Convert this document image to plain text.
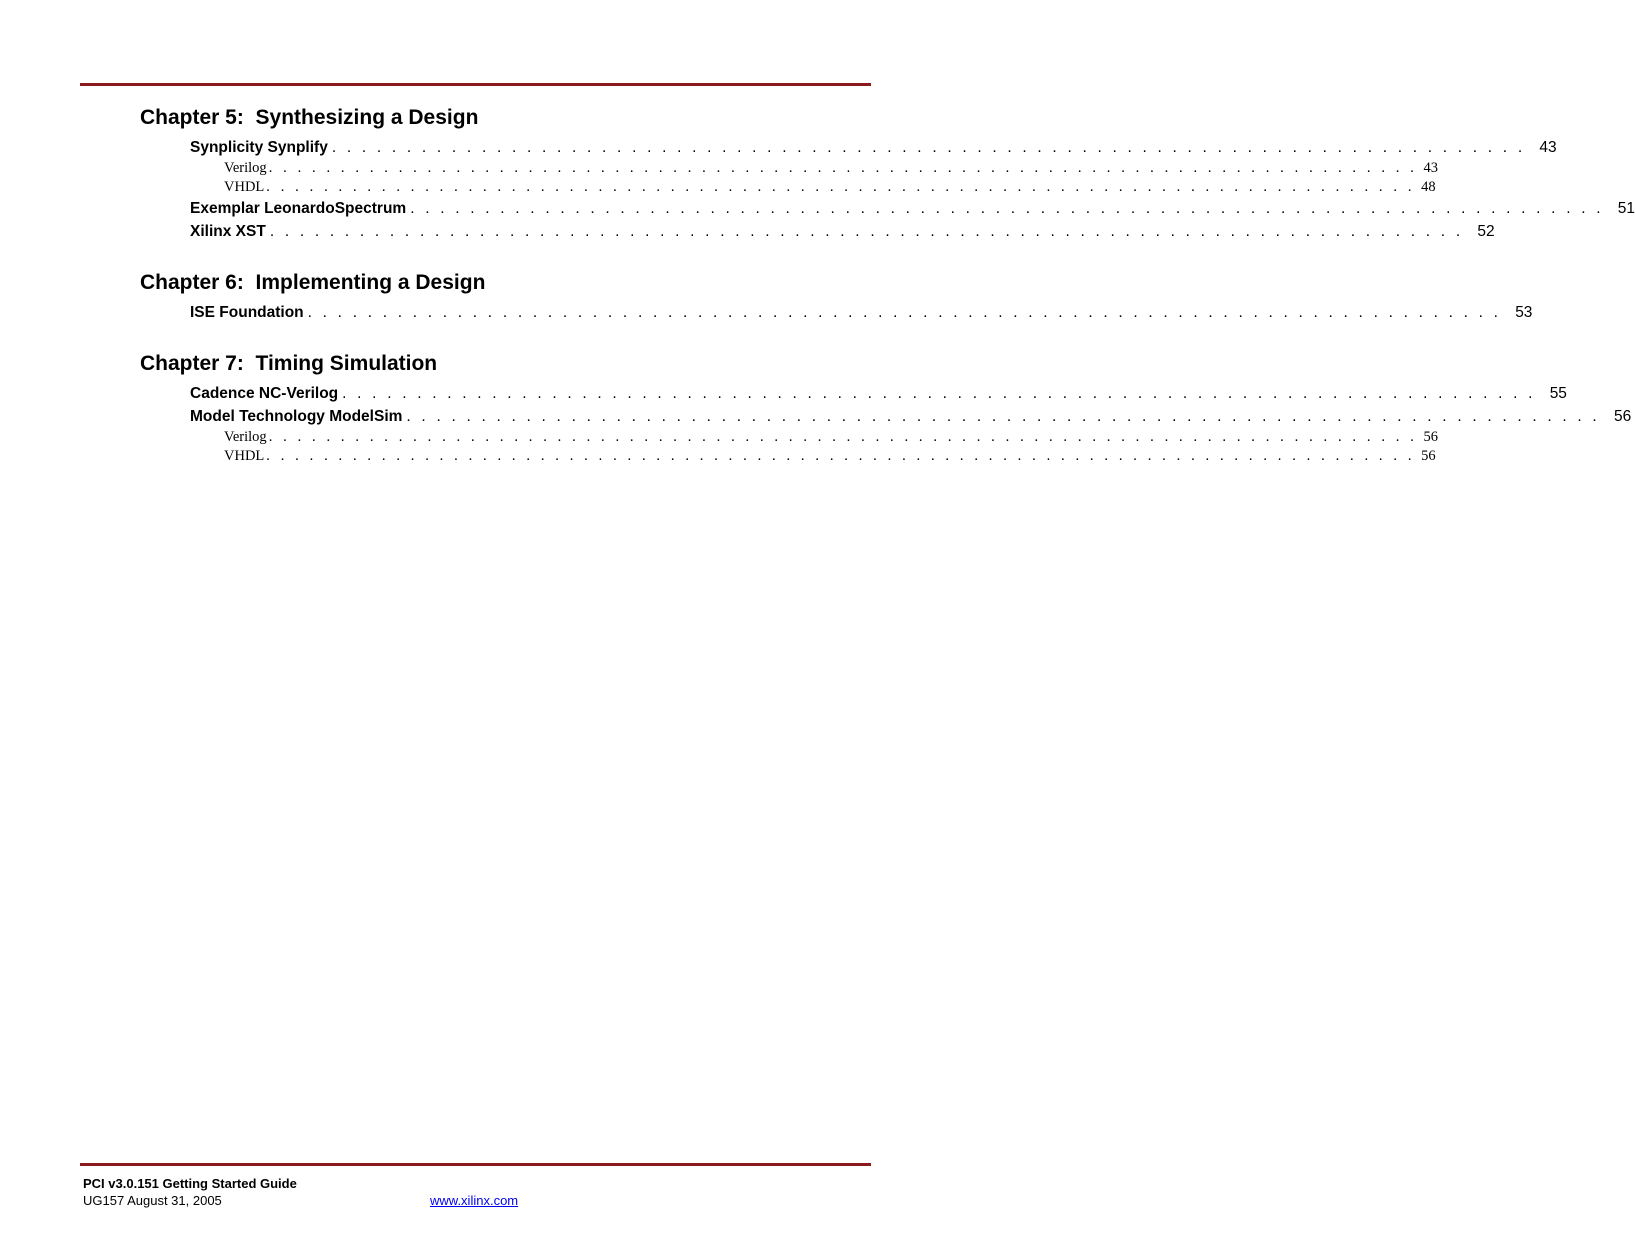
Chapter 5:  Synthesizing a Design
Synplicity Synplify . . . . . . . . . . . . . . . . . . . . . . . . . . . . . . . . . . . . . . . . . . . . . . . . . . . . . . . . . . . . . . . . . . . . . . . . . . . . . . . . 43
Verilog . . . . . . . . . . . . . . . . . . . . . . . . . . . . . . . . . . . . . . . . . . . . . . . . . . . . . . . . . . . . . . . . . . . . . . . . . . . . . . . . 43
VHDL . . . . . . . . . . . . . . . . . . . . . . . . . . . . . . . . . . . . . . . . . . . . . . . . . . . . . . . . . . . . . . . . . . . . . . . . . . . . . . . . 48
Exemplar LeonardoSpectrum . . . . . . . . . . . . . . . . . . . . . . . . . . . . . . . . . . . . . . . . . . . . . . . . . . . . . . . . . . . . . . . . . . . . . . . . . . . . . . . . 51
Xilinx XST . . . . . . . . . . . . . . . . . . . . . . . . . . . . . . . . . . . . . . . . . . . . . . . . . . . . . . . . . . . . . . . . . . . . . . . . . . . . . . . . 52
Chapter 6:  Implementing a Design
ISE Foundation . . . . . . . . . . . . . . . . . . . . . . . . . . . . . . . . . . . . . . . . . . . . . . . . . . . . . . . . . . . . . . . . . . . . . . . . . . . . . . . . 53
Chapter 7:  Timing Simulation
Cadence NC-Verilog . . . . . . . . . . . . . . . . . . . . . . . . . . . . . . . . . . . . . . . . . . . . . . . . . . . . . . . . . . . . . . . . . . . . . . . . . . . . . . . . 55
Model Technology ModelSim . . . . . . . . . . . . . . . . . . . . . . . . . . . . . . . . . . . . . . . . . . . . . . . . . . . . . . . . . . . . . . . . . . . . . . . . . . . . . . . . 56
Verilog . . . . . . . . . . . . . . . . . . . . . . . . . . . . . . . . . . . . . . . . . . . . . . . . . . . . . . . . . . . . . . . . . . . . . . . . . . . . . . . . 56
VHDL . . . . . . . . . . . . . . . . . . . . . . . . . . . . . . . . . . . . . . . . . . . . . . . . . . . . . . . . . . . . . . . . . . . . . . . . . . . . . . . . 56
PCI v3.0.151 Getting Started Guide
UG157 August 31, 2005	www.xilinx.com
